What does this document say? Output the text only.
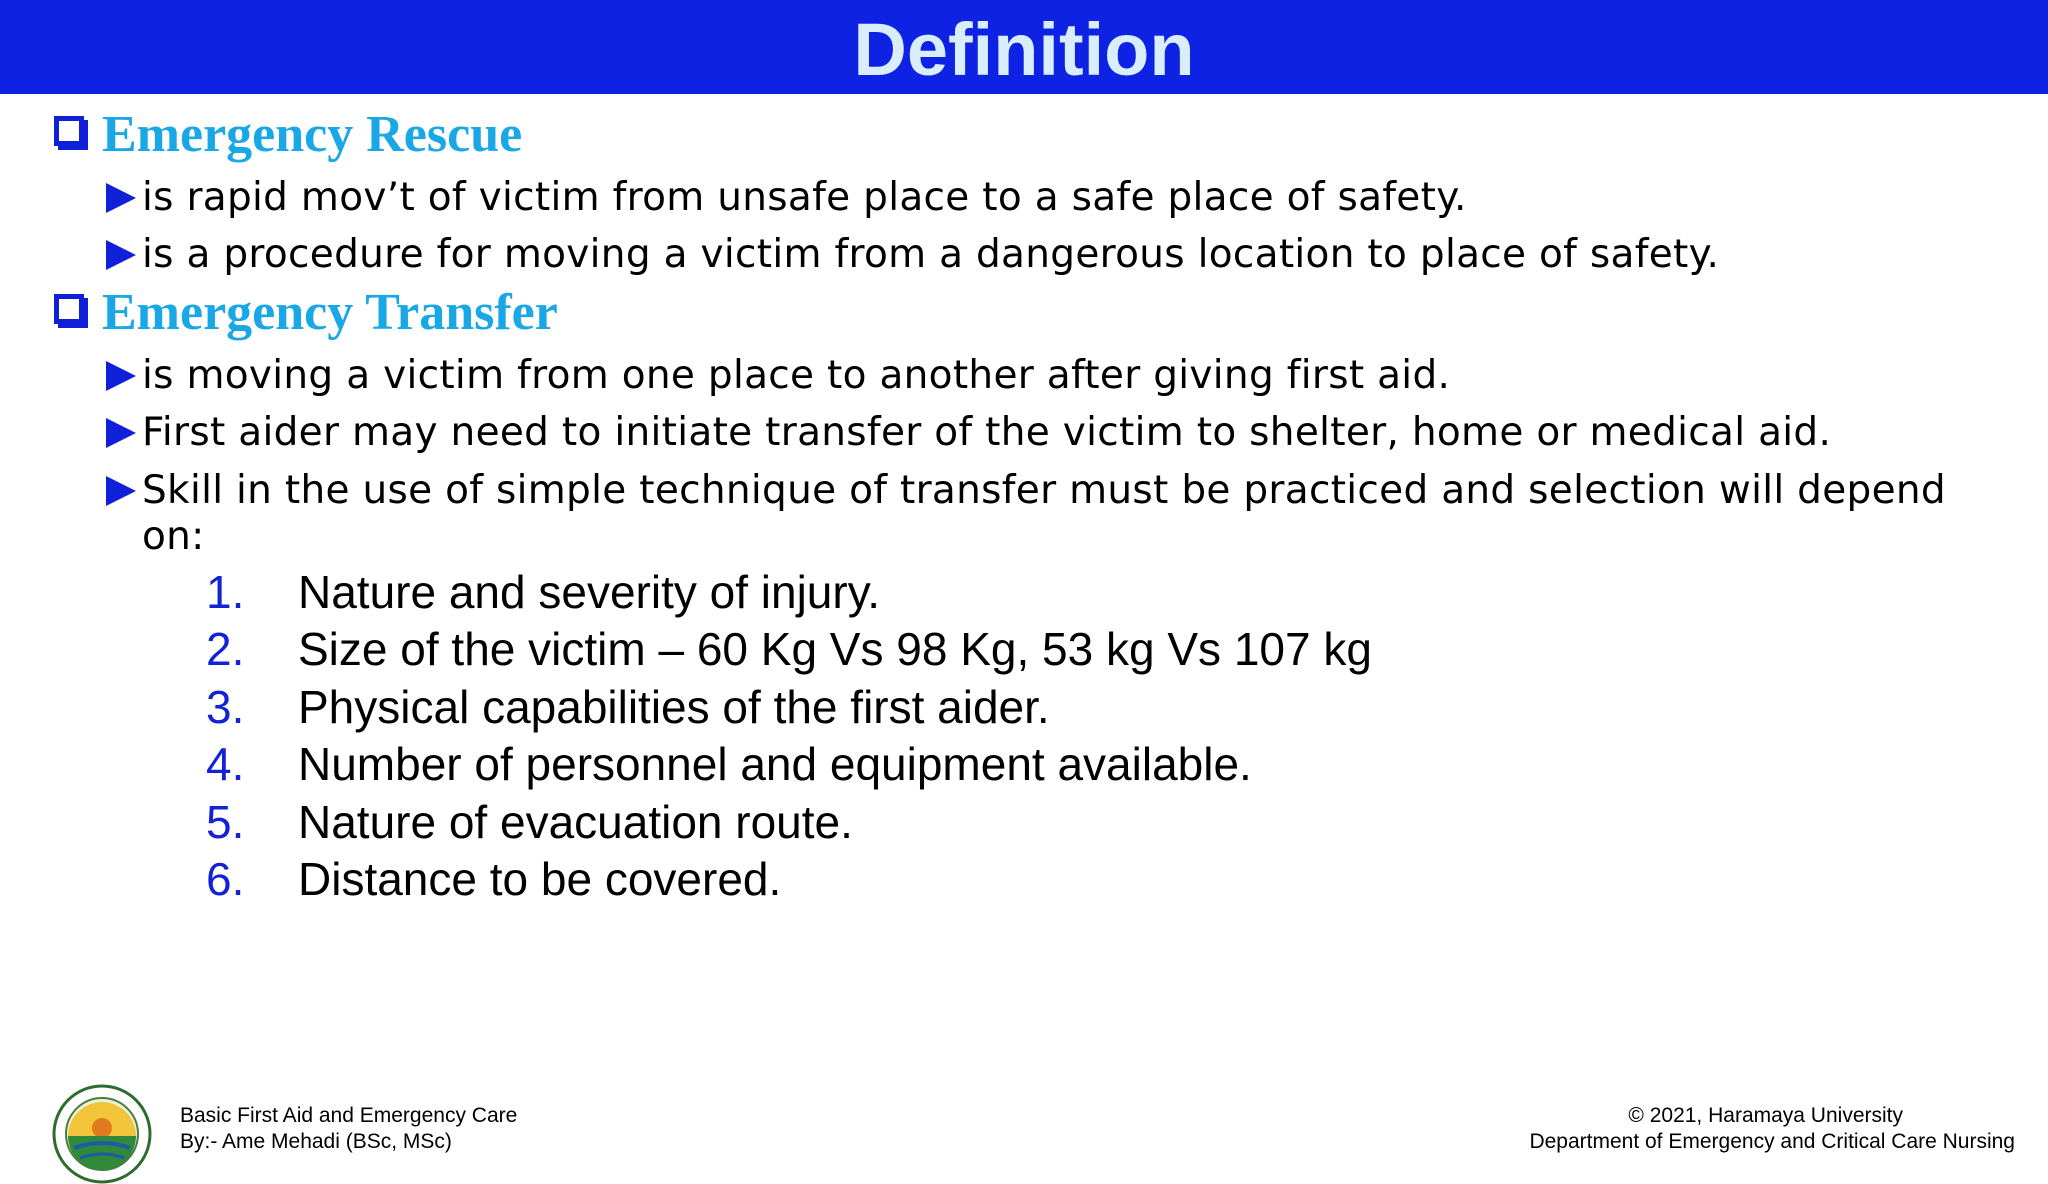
Definition
Emergency Rescue
is rapid mov’t of victim from unsafe place to a safe place of safety.
is a procedure for moving a victim from a dangerous location to place of safety.
Emergency Transfer
is moving a victim from one place to another after giving first aid.
First aider may need to initiate transfer of the victim to shelter, home or medical aid.
Skill in the use of simple technique of transfer must be practiced and selection will depend on:
1.	Nature and severity of injury.
2.	Size of the victim – 60 Kg Vs 98 Kg, 53 kg Vs 107 kg
3.	Physical capabilities of the first aider.
4.	Number of personnel and equipment available.
5.	Nature of evacuation route.
6.	Distance to be covered.
Basic First Aid and Emergency Care
By:- Ame Mehadi (BSc, MSc)
© 2021, Haramaya University
Department of Emergency and Critical Care Nursing
